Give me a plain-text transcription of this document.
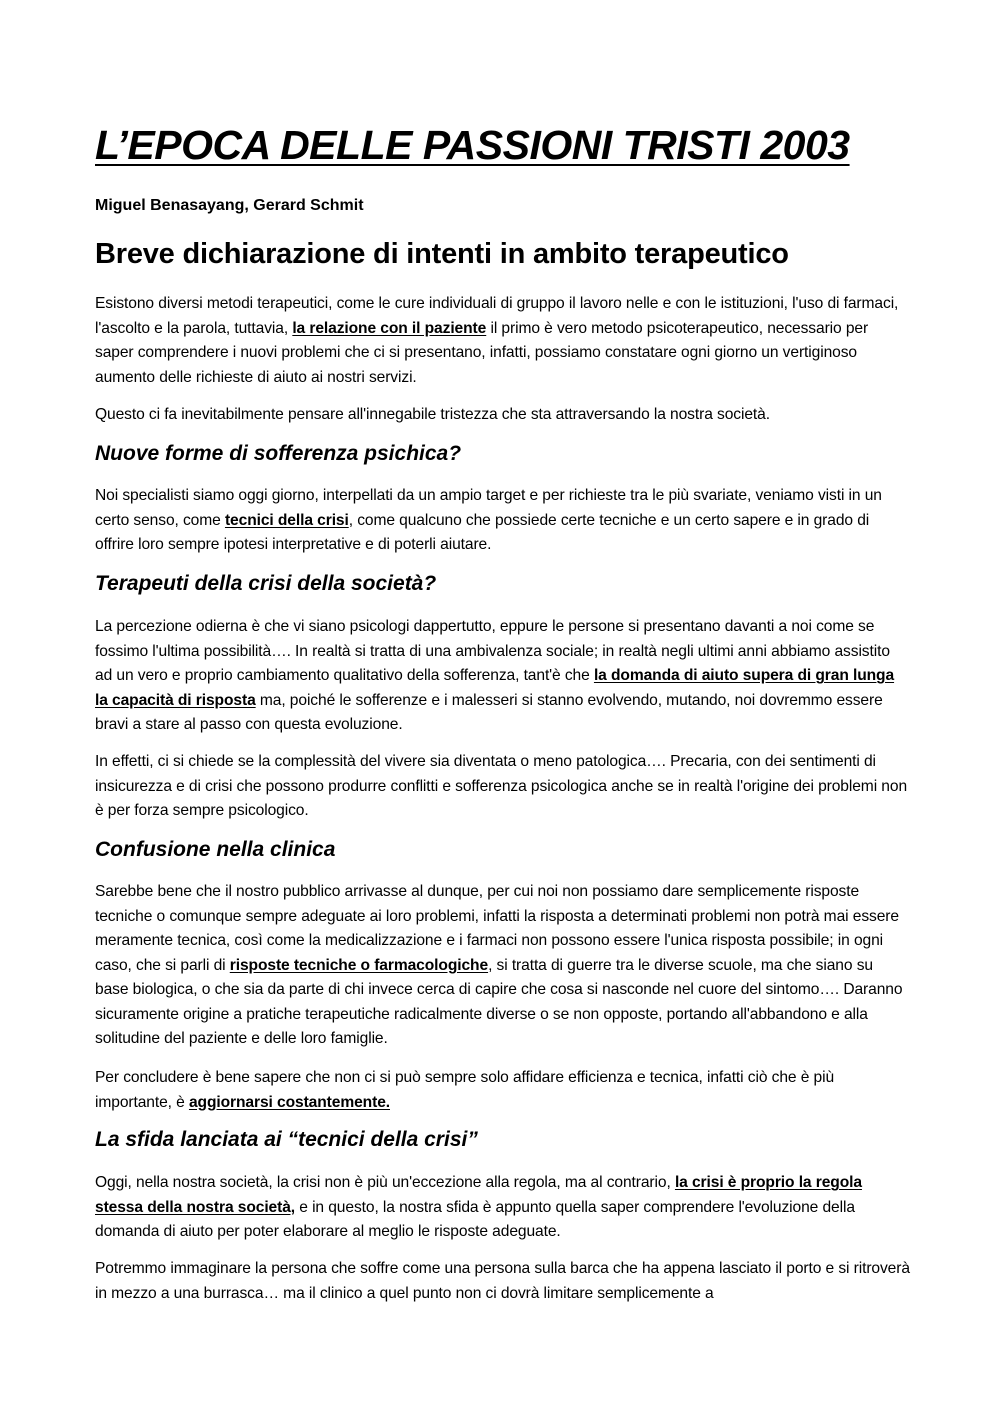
L’EPOCA DELLE PASSIONI TRISTI 2003
Miguel Benasayang, Gerard Schmit
Breve dichiarazione di intenti in ambito terapeutico

Esistono diversi metodi terapeutici, come le cure individuali di gruppo il lavoro nelle e con le istituzioni, l'uso di farmaci, l'ascolto e la parola, tuttavia, la relazione con il paziente il primo è vero metodo psicoterapeutico, necessario per saper comprendere i nuovi problemi che ci si presentano, infatti, possiamo constatare ogni giorno un vertiginoso aumento delle richieste di aiuto ai nostri servizi.

Questo ci fa inevitabilmente pensare all'innegabile tristezza che sta attraversando la nostra società.

Nuove forme di sofferenza psichica?

Noi specialisti siamo oggi giorno, interpellati da un ampio target e per richieste tra le più svariate, veniamo visti in un certo senso, come tecnici della crisi, come qualcuno che possiede certe tecniche e un certo sapere e in grado di offrire loro sempre ipotesi interpretative e di poterli aiutare.

Terapeuti della crisi della società?

La percezione odierna è che vi siano psicologi dappertutto, eppure le persone si presentano davanti a noi come se fossimo l'ultima possibilità…. In realtà si tratta di una ambivalenza sociale; in realtà negli ultimi anni abbiamo assistito ad un vero e proprio cambiamento qualitativo della sofferenza, tant'è che la domanda di aiuto supera di gran lunga la capacità di risposta ma, poiché le sofferenze e i malesseri si stanno evolvendo, mutando, noi dovremmo essere bravi a stare al passo con questa evoluzione.

In effetti, ci si chiede se la complessità del vivere sia diventata o meno patologica…. Precaria, con dei sentimenti di insicurezza e di crisi che possono produrre conflitti e sofferenza psicologica anche se in realtà l'origine dei problemi non è per forza sempre psicologico.

Confusione nella clinica

Sarebbe bene che il nostro pubblico arrivasse al dunque, per cui noi non possiamo dare semplicemente risposte tecniche o comunque sempre adeguate ai loro problemi, infatti la risposta a determinati problemi non potrà mai essere meramente tecnica, così come la medicalizzazione e i farmaci non possono essere l'unica risposta possibile; in ogni caso, che si parli di risposte tecniche o farmacologiche, si tratta di guerre tra le diverse scuole, ma che siano su base biologica, o che sia da parte di chi invece cerca di capire che cosa si nasconde nel cuore del sintomo…. Daranno sicuramente origine a pratiche terapeutiche radicalmente diverse o se non opposte, portando all'abbandono e alla solitudine del paziente e delle loro famiglie.

Per concludere è bene sapere che non ci si può sempre solo affidare efficienza e tecnica, infatti ciò che è più importante, è aggiornarsi costantemente.

La sfida lanciata ai “tecnici della crisi”

Oggi, nella nostra società, la crisi non è più un'eccezione alla regola, ma al contrario, la crisi è proprio la regola stessa della nostra società, e in questo, la nostra sfida è appunto quella saper comprendere l'evoluzione della domanda di aiuto per poter elaborare al meglio le risposte adeguate.

Potremmo immaginare la persona che soffre come una persona sulla barca che ha appena lasciato il porto e si ritroverà in mezzo a una burrasca… ma il clinico a quel punto non ci dovrà limitare semplicemente a
